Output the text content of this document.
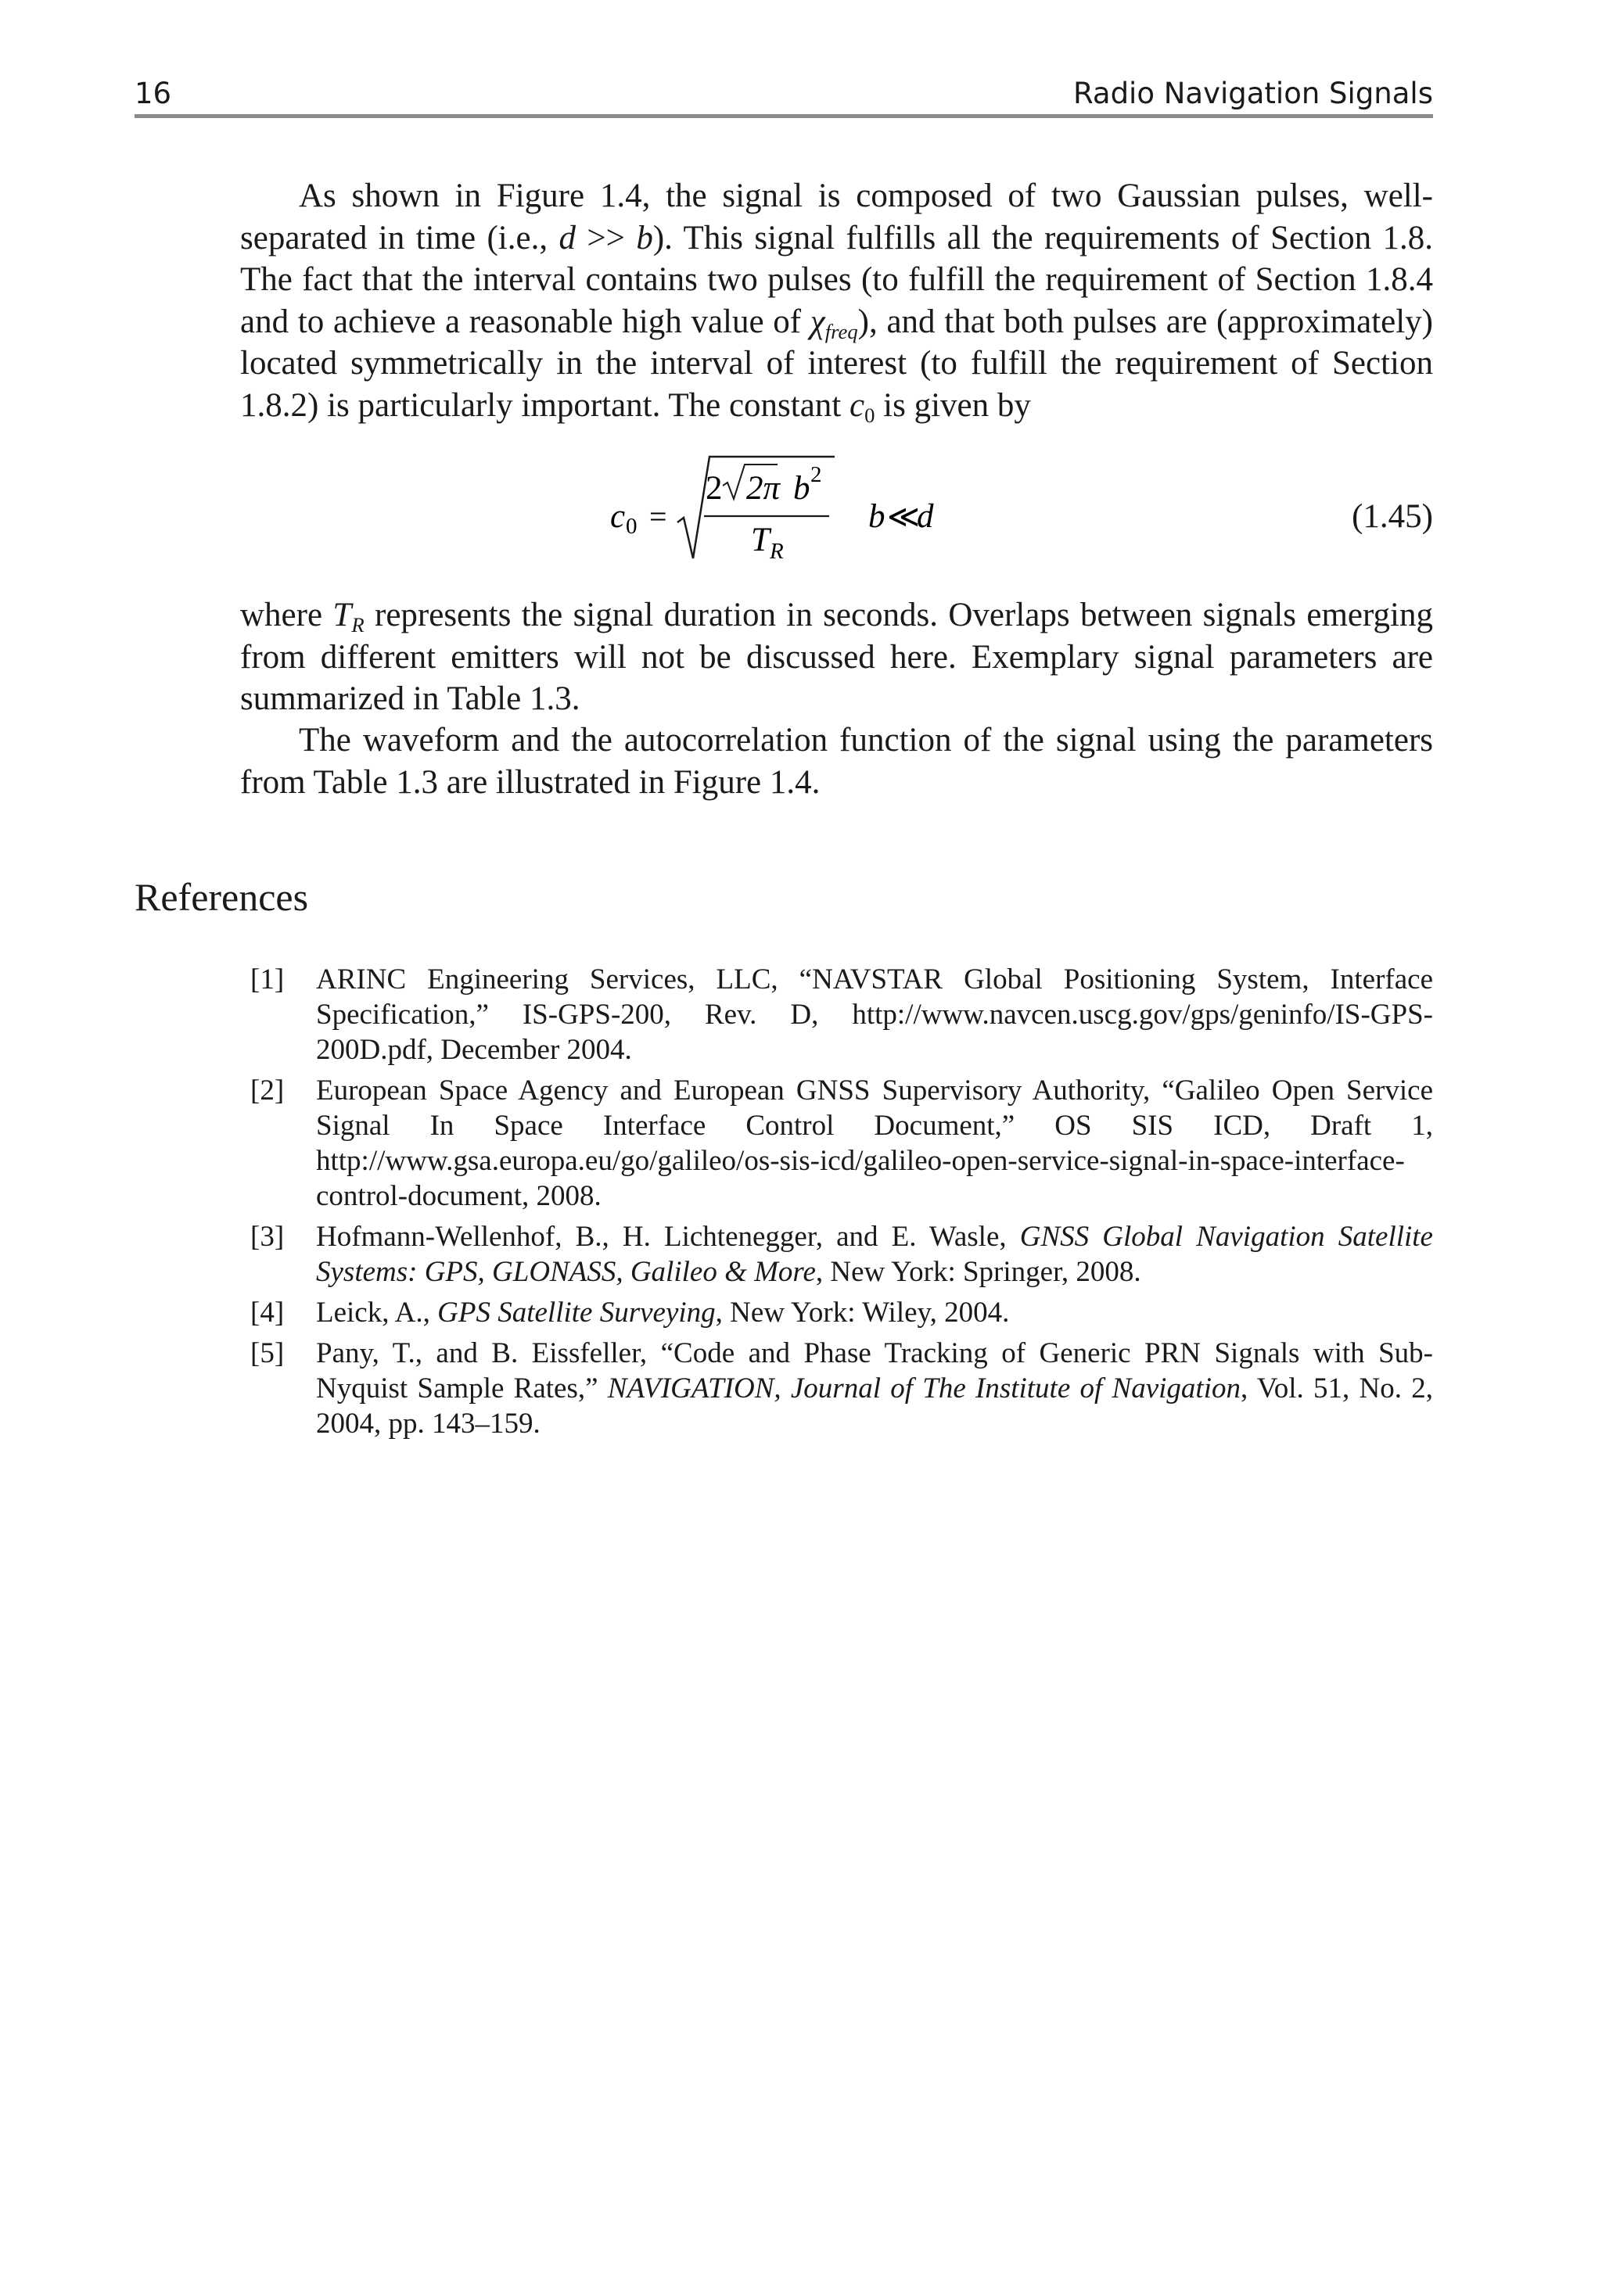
16	Radio Navigation Signals

As shown in Figure 1.4, the signal is composed of two Gaussian pulses, well-separated in time (i.e., d >> b). This signal fulfills all the requirements of Section 1.8. The fact that the interval contains two pulses (to fulfill the requirement of Section 1.8.4 and to achieve a reasonable high value of $\chi_{freq}$), and that both pulses are (approximately) located symmetrically in the interval of interest (to fulfill the requirement of Section 1.8.2) is particularly important. The constant $c_0$ is given by

c 0 =
2 2π b 2
T R
b ≪
d	(1.45)

where $T_R$ represents the signal duration in seconds. Overlaps between signals emerging from different emitters will not be discussed here. Exemplary signal parameters are summarized in Table 1.3.

The waveform and the autocorrelation function of the signal using the parameters from Table 1.3 are illustrated in Figure 1.4.

References
[1] ARINC Engineering Services, LLC, “NAVSTAR Global Positioning System, Interface Specification,” IS-GPS-200, Rev. D, http://www.navcen.uscg.gov/gps/geninfo/IS-GPS-200D.pdf, December 2004.
[2] European Space Agency and European GNSS Supervisory Authority, “Galileo Open Service Signal In Space Interface Control Document,” OS SIS ICD, Draft 1, http://www.gsa.europa.eu/go/galileo/os-sis-icd/galileo-open-service-signal-in-space-interface-control-document, 2008.
[3] Hofmann-Wellenhof, B., H. Lichtenegger, and E. Wasle, GNSS Global Navigation Satellite Systems: GPS, GLONASS, Galileo & More, New York: Springer, 2008.
[4] Leick, A., GPS Satellite Surveying, New York: Wiley, 2004.
[5] Pany, T., and B. Eissfeller, “Code and Phase Tracking of Generic PRN Signals with Sub-Nyquist Sample Rates,” NAVIGATION, Journal of The Institute of Navigation, Vol. 51, No. 2, 2004, pp. 143–159.
